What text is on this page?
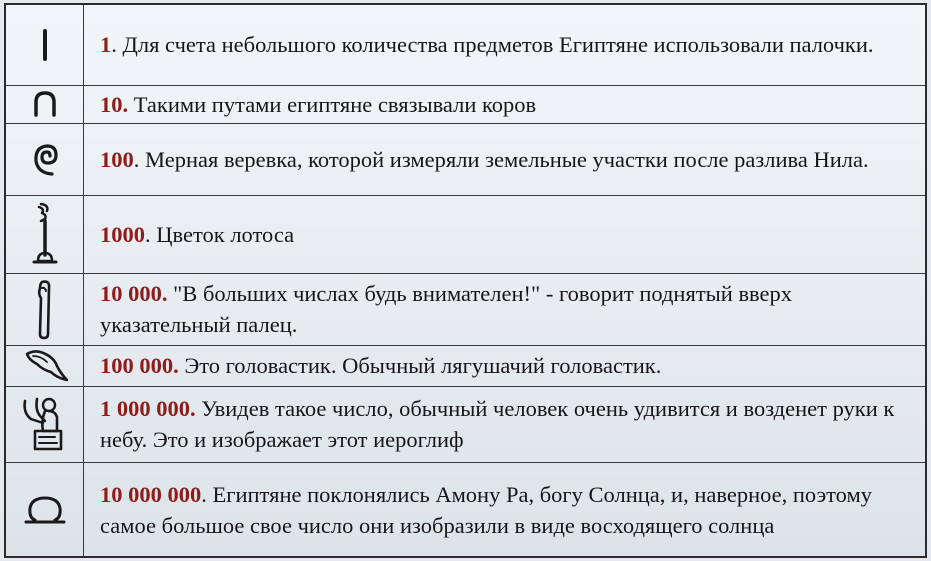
	1. Для счета небольшого количества предметов Египтяне использовали палочки.

	10. Такими путами египтяне связывали коров

	100. Мерная веревка, которой измеряли земельные участки после разлива Нила.

	1000. Цветок лотоса

	10 000. "В больших числах будь внимателен!" - говорит поднятый вверх указательный палец.

	100 000. Это головастик. Обычный лягушачий головастик.

	1 000 000. Увидев такое число, обычный человек очень удивится и возденет руки к небу. Это и изображает этот иероглиф

	10 000 000. Египтяне поклонялись Амону Ра, богу Солнца, и, наверное, поэтому самое большое свое число они изобразили в виде восходящего солнца
